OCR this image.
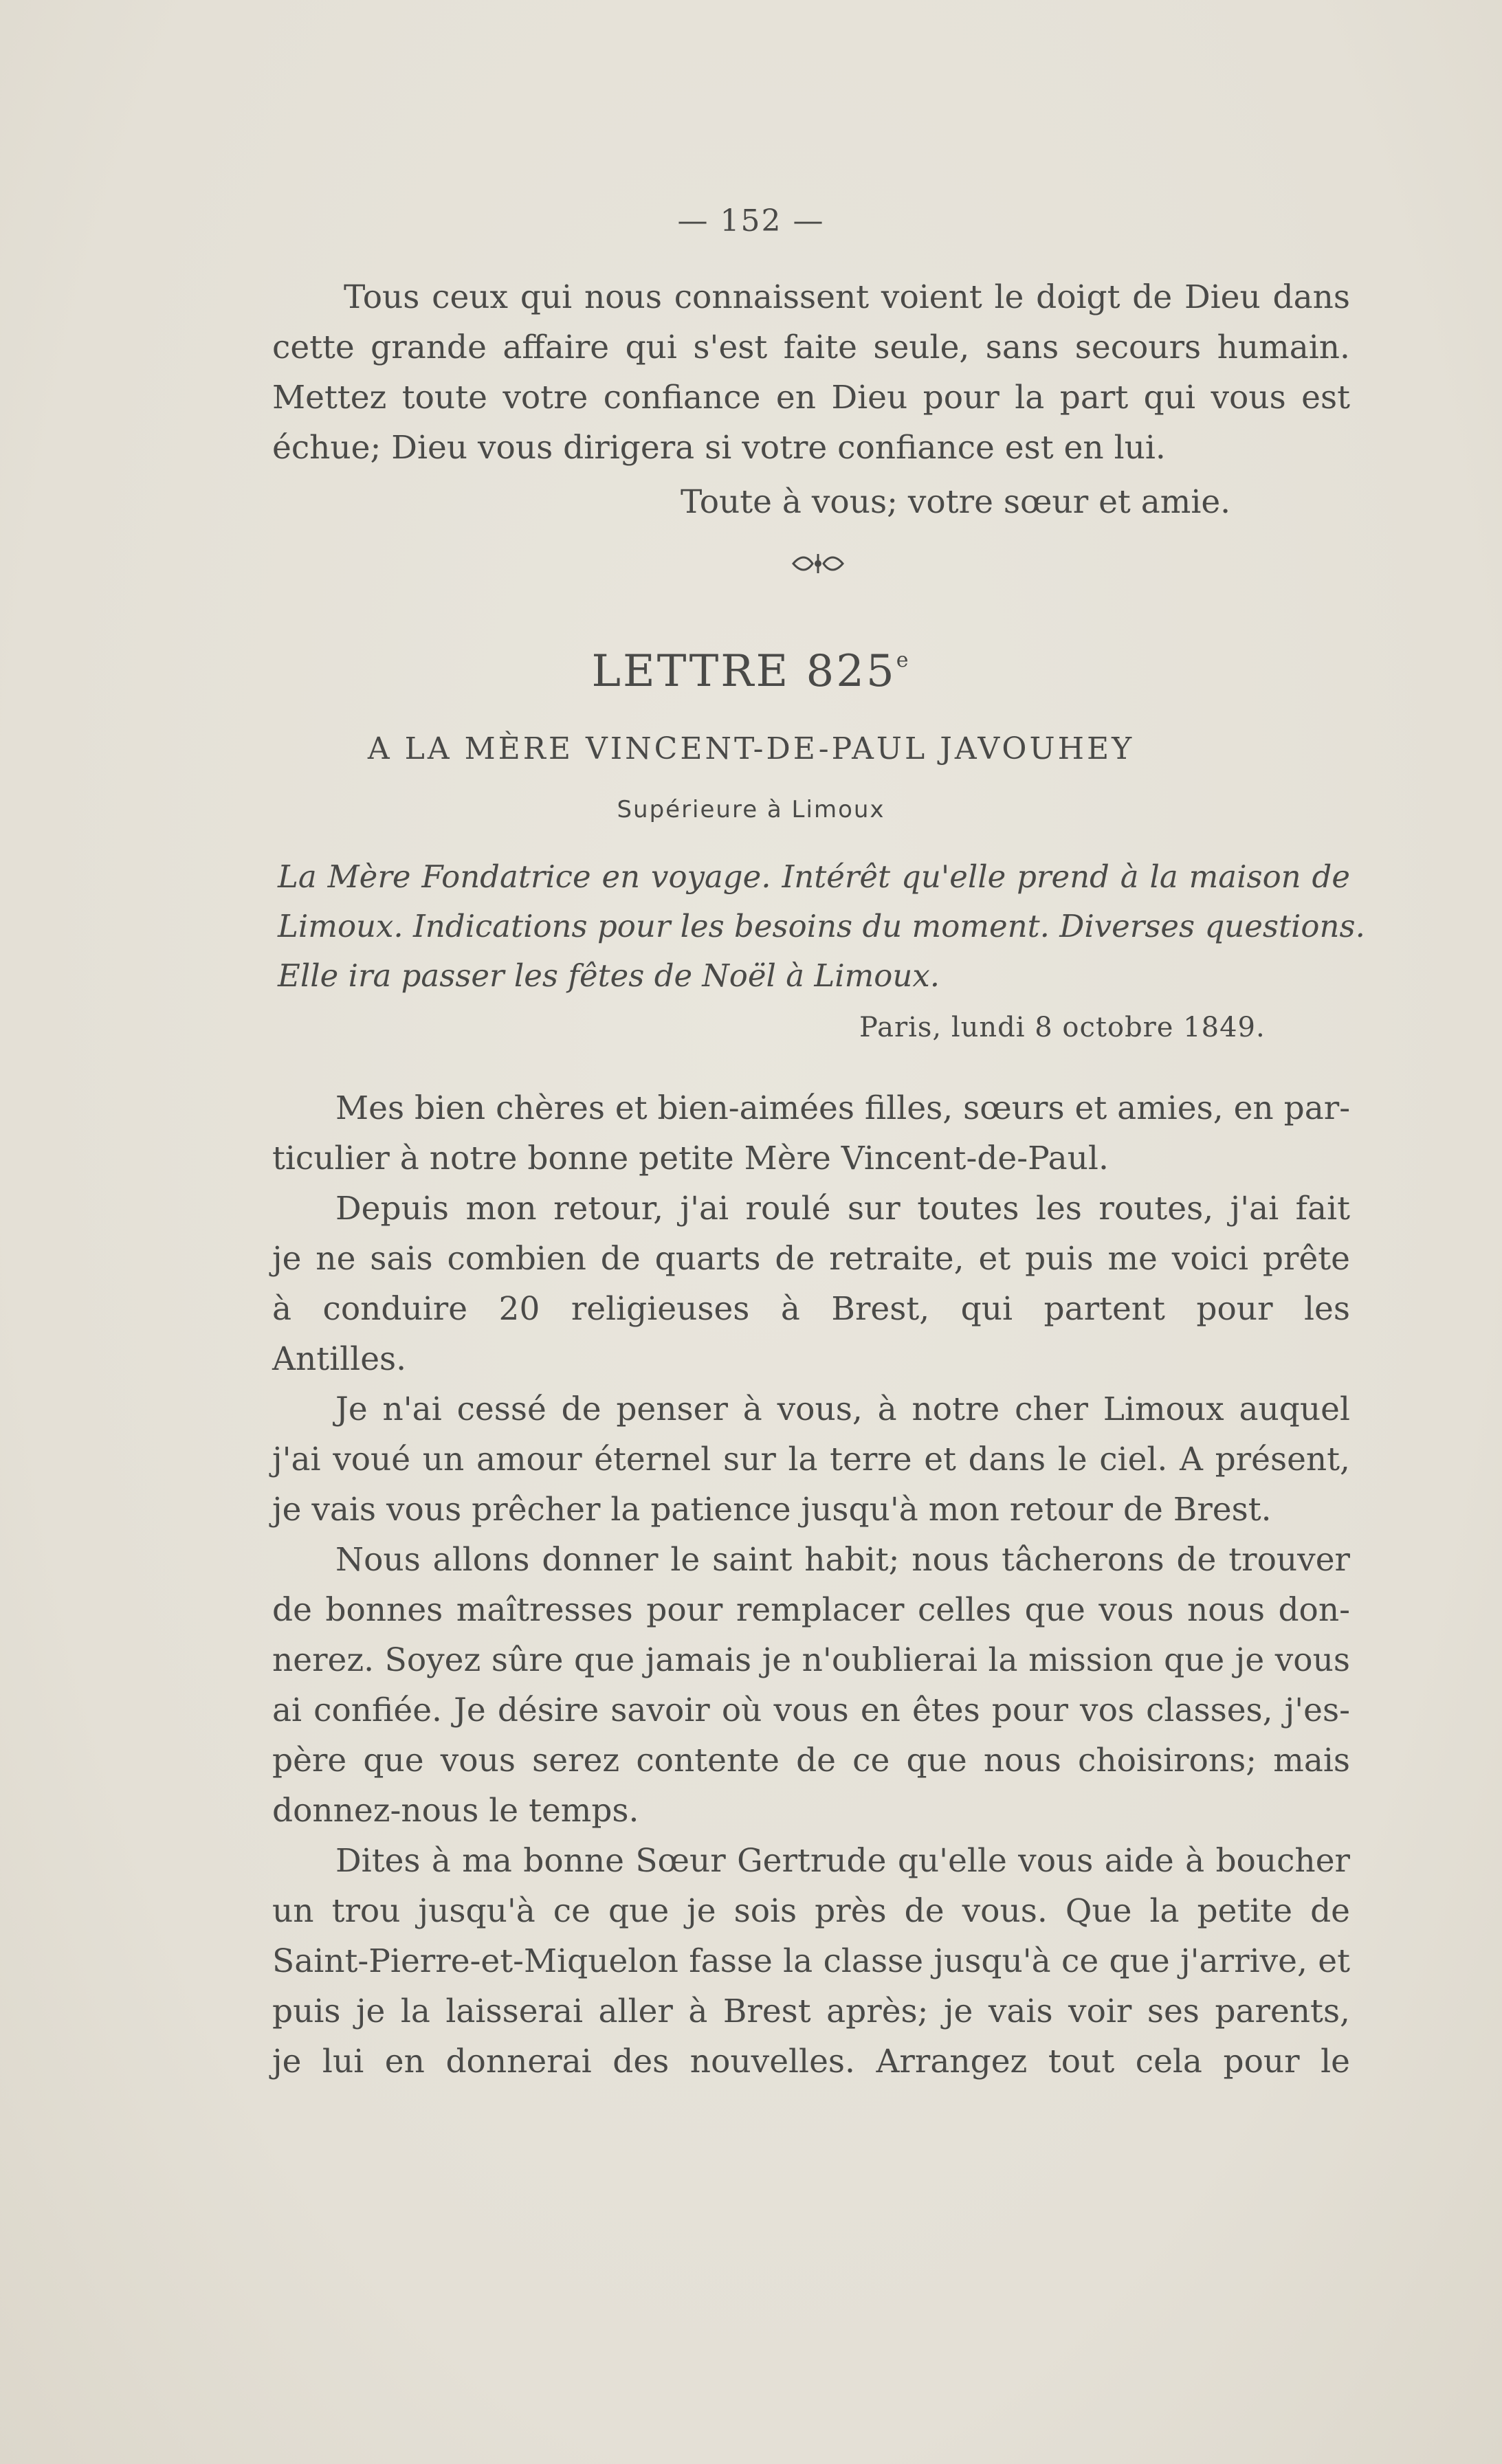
— 152 —
Tous ceux qui nous connaissent voient le doigt de Dieu dans
cette grande affaire qui s'est faite seule, sans secours humain.
Mettez toute votre confiance en Dieu pour la part qui vous est
échue; Dieu vous dirigera si votre confiance est en lui.
Toute à vous; votre sœur et amie.
LETTRE 825e
A LA MÈRE VINCENT-DE-PAUL JAVOUHEY
Supérieure à Limoux
La Mère Fondatrice en voyage. Intérêt qu'elle prend à la maison de
Limoux. Indications pour les besoins du moment. Diverses questions.
Elle ira passer les fêtes de Noël à Limoux.
Paris, lundi 8 octobre 1849.
Mes bien chères et bien-aimées filles, sœurs et amies, en par-
ticulier à notre bonne petite Mère Vincent-de-Paul.
Depuis mon retour, j'ai roulé sur toutes les routes, j'ai fait
je ne sais combien de quarts de retraite, et puis me voici prête
à conduire 20 religieuses à Brest, qui partent pour les
Antilles.
Je n'ai cessé de penser à vous, à notre cher Limoux auquel
j'ai voué un amour éternel sur la terre et dans le ciel. A présent,
je vais vous prêcher la patience jusqu'à mon retour de Brest.
Nous allons donner le saint habit; nous tâcherons de trouver
de bonnes maîtresses pour remplacer celles que vous nous don-
nerez. Soyez sûre que jamais je n'oublierai la mission que je vous
ai confiée. Je désire savoir où vous en êtes pour vos classes, j'es-
père que vous serez contente de ce que nous choisirons; mais
donnez-nous le temps.
Dites à ma bonne Sœur Gertrude qu'elle vous aide à boucher
un trou jusqu'à ce que je sois près de vous. Que la petite de
Saint-Pierre-et-Miquelon fasse la classe jusqu'à ce que j'arrive, et
puis je la laisserai aller à Brest après; je vais voir ses parents,
je lui en donnerai des nouvelles. Arrangez tout cela pour le
